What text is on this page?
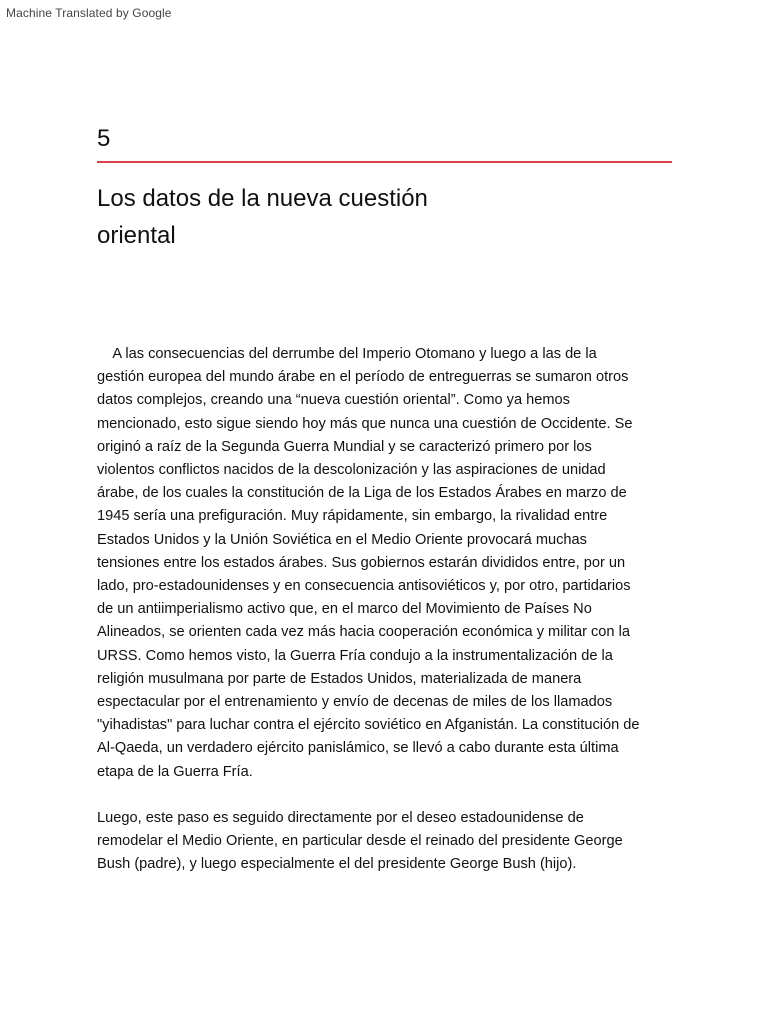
Machine Translated by Google
5
Los datos de la nueva cuestión
oriental
A las consecuencias del derrumbe del Imperio Otomano y luego a las de la
gestión europea del mundo árabe en el período de entreguerras se sumaron otros
datos complejos, creando una “nueva cuestión oriental”. Como ya hemos
mencionado, esto sigue siendo hoy más que nunca una cuestión de Occidente. Se
originó a raíz de la Segunda Guerra Mundial y se caracterizó primero por los
violentos conflictos nacidos de la descolonización y las aspiraciones de unidad
árabe, de los cuales la constitución de la Liga de los Estados Árabes en marzo de
1945 sería una prefiguración. Muy rápidamente, sin embargo, la rivalidad entre
Estados Unidos y la Unión Soviética en el Medio Oriente provocará muchas
tensiones entre los estados árabes. Sus gobiernos estarán divididos entre, por un
lado, pro-estadounidenses y en consecuencia antisoviéticos y, por otro, partidarios
de un antiimperialismo activo que, en el marco del Movimiento de Países No
Alineados, se orienten cada vez más hacia cooperación económica y militar con la
URSS. Como hemos visto, la Guerra Fría condujo a la instrumentalización de la
religión musulmana por parte de Estados Unidos, materializada de manera
espectacular por el entrenamiento y envío de decenas de miles de los llamados
"yihadistas" para luchar contra el ejército soviético en Afganistán. La constitución de
Al-Qaeda, un verdadero ejército panislámico, se llevó a cabo durante esta última
etapa de la Guerra Fría.
Luego, este paso es seguido directamente por el deseo estadounidense de
remodelar el Medio Oriente, en particular desde el reinado del presidente George
Bush (padre), y luego especialmente el del presidente George Bush (hijo).
